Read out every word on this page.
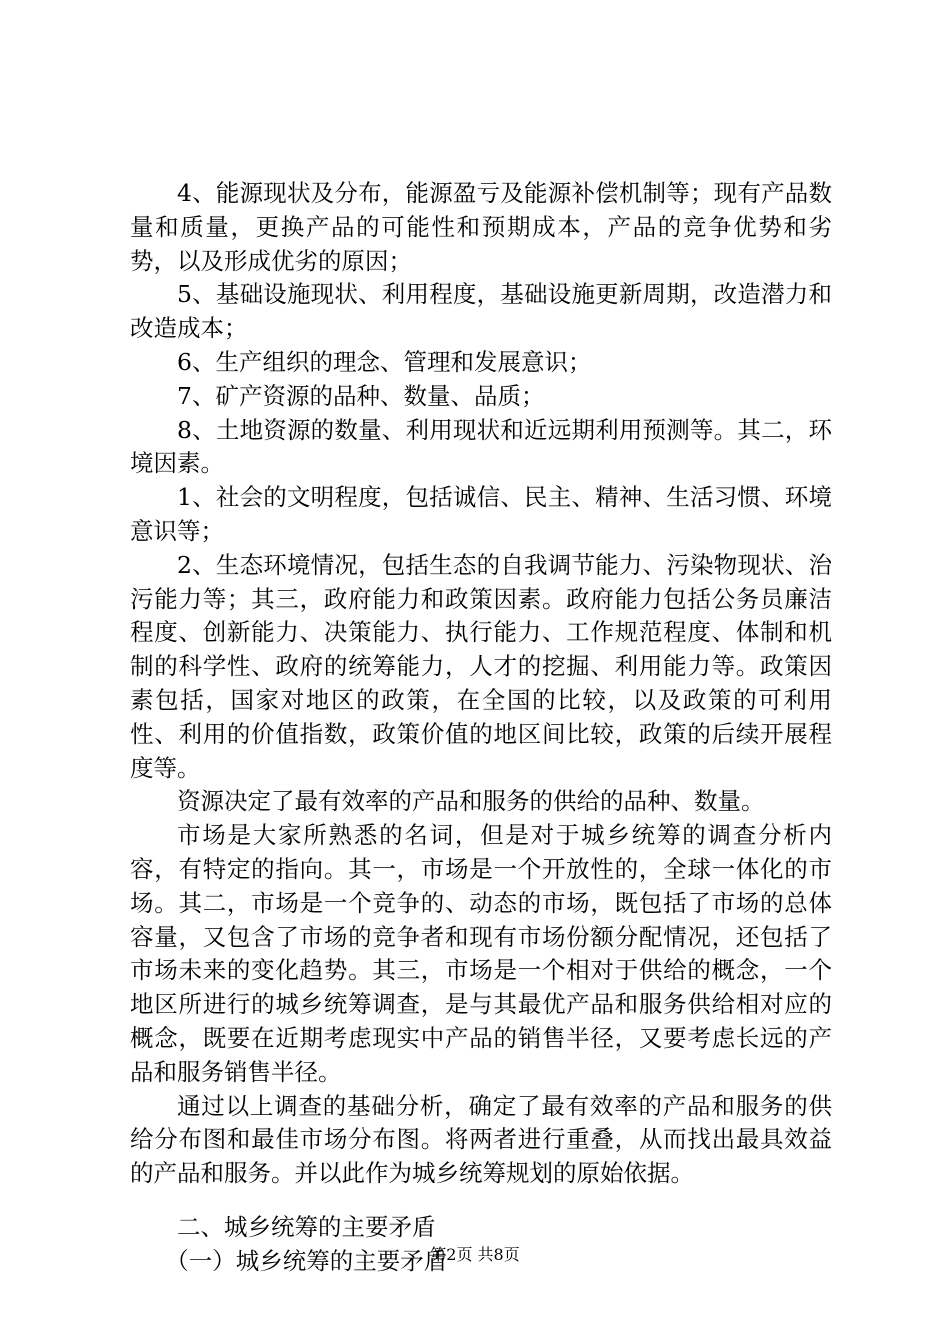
4、能源现状及分布，能源盈亏及能源补偿机制等；现有产品数量和质量，更换产品的可能性和预期成本，产品的竞争优势和劣势，以及形成优劣的原因；

5、基础设施现状、利用程度，基础设施更新周期，改造潜力和改造成本；

6、生产组织的理念、管理和发展意识；

7、矿产资源的品种、数量、品质；

8、土地资源的数量、利用现状和近远期利用预测等。其二，环境因素。

1、社会的文明程度，包括诚信、民主、精神、生活习惯、环境意识等；

2、生态环境情况，包括生态的自我调节能力、污染物现状、治污能力等；其三，政府能力和政策因素。政府能力包括公务员廉洁程度、创新能力、决策能力、执行能力、工作规范程度、体制和机制的科学性、政府的统筹能力，人才的挖掘、利用能力等。政策因素包括，国家对地区的政策，在全国的比较，以及政策的可利用性、利用的价值指数，政策价值的地区间比较，政策的后续开展程度等。

资源决定了最有效率的产品和服务的供给的品种、数量。

市场是大家所熟悉的名词，但是对于城乡统筹的调查分析内容，有特定的指向。其一，市场是一个开放性的，全球一体化的市场。其二，市场是一个竞争的、动态的市场，既包括了市场的总体容量，又包含了市场的竞争者和现有市场份额分配情况，还包括了市场未来的变化趋势。其三，市场是一个相对于供给的概念，一个地区所进行的城乡统筹调查，是与其最优产品和服务供给相对应的概念，既要在近期考虑现实中产品的销售半径，又要考虑长远的产品和服务销售半径。

通过以上调查的基础分析，确定了最有效率的产品和服务的供给分布图和最佳市场分布图。将两者进行重叠，从而找出最具效益的产品和服务。并以此作为城乡统筹规划的原始依据。

二、城乡统筹的主要矛盾

（一）城乡统筹的主要矛盾

第2页 共8页
